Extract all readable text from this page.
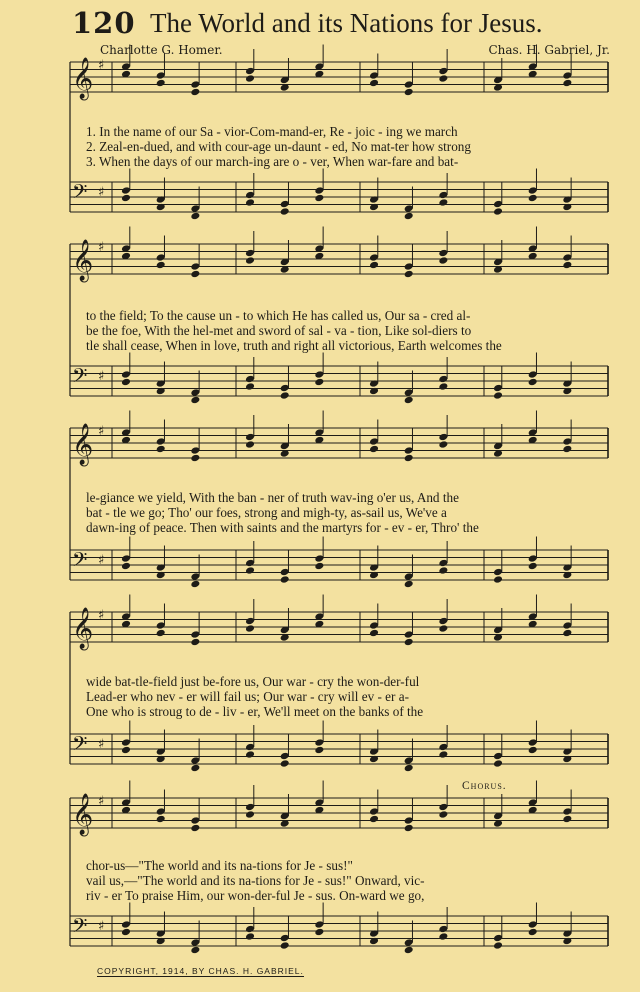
120 The World and its Nations for Jesus.
Charlotte G. Homer.	Chas. H. Gabriel, Jr.
𝄞 ♯
𝄢 ♯
1. In the name of our Sa - vior-Com-mand-er, Re - joic - ing we march
2. Zeal-en-dued, and with cour-age un-daunt - ed, No mat-ter how strong
3. When the days of our march-ing are o - ver, When war-fare and bat-
𝄞 ♯
𝄢 ♯
to the field; To the cause un - to which He has called us, Our sa - cred al-
be the foe, With the hel-met and sword of sal - va - tion, Like sol-diers to
tle shall cease, When in love, truth and right all victorious, Earth welcomes the
𝄞 ♯
𝄢 ♯
le-giance we yield, With the ban - ner of truth wav-ing o'er us, And the
bat - tle we go; Tho' our foes, strong and migh-ty, as-sail us, We've a
dawn-ing of peace. Then with saints and the martyrs for - ev - er, Thro' the
𝄞 ♯
𝄢 ♯
wide bat-tle-field just be-fore us, Our war - cry the won-der-ful
Lead-er who nev - er will fail us; Our war - cry will ev - er a-
One who is stroug to de - liv - er, We'll meet on the banks of the
𝄞 ♯
𝄢 ♯
chor-us—"The world and its na-tions for Je - sus!"
vail us,—"The world and its na-tions for Je - sus!" Onward, vic-
riv - er To praise Him, our won-der-ful Je - sus. On-ward we go,
Chorus.
COPYRIGHT, 1914, BY CHAS. H. GABRIEL.
